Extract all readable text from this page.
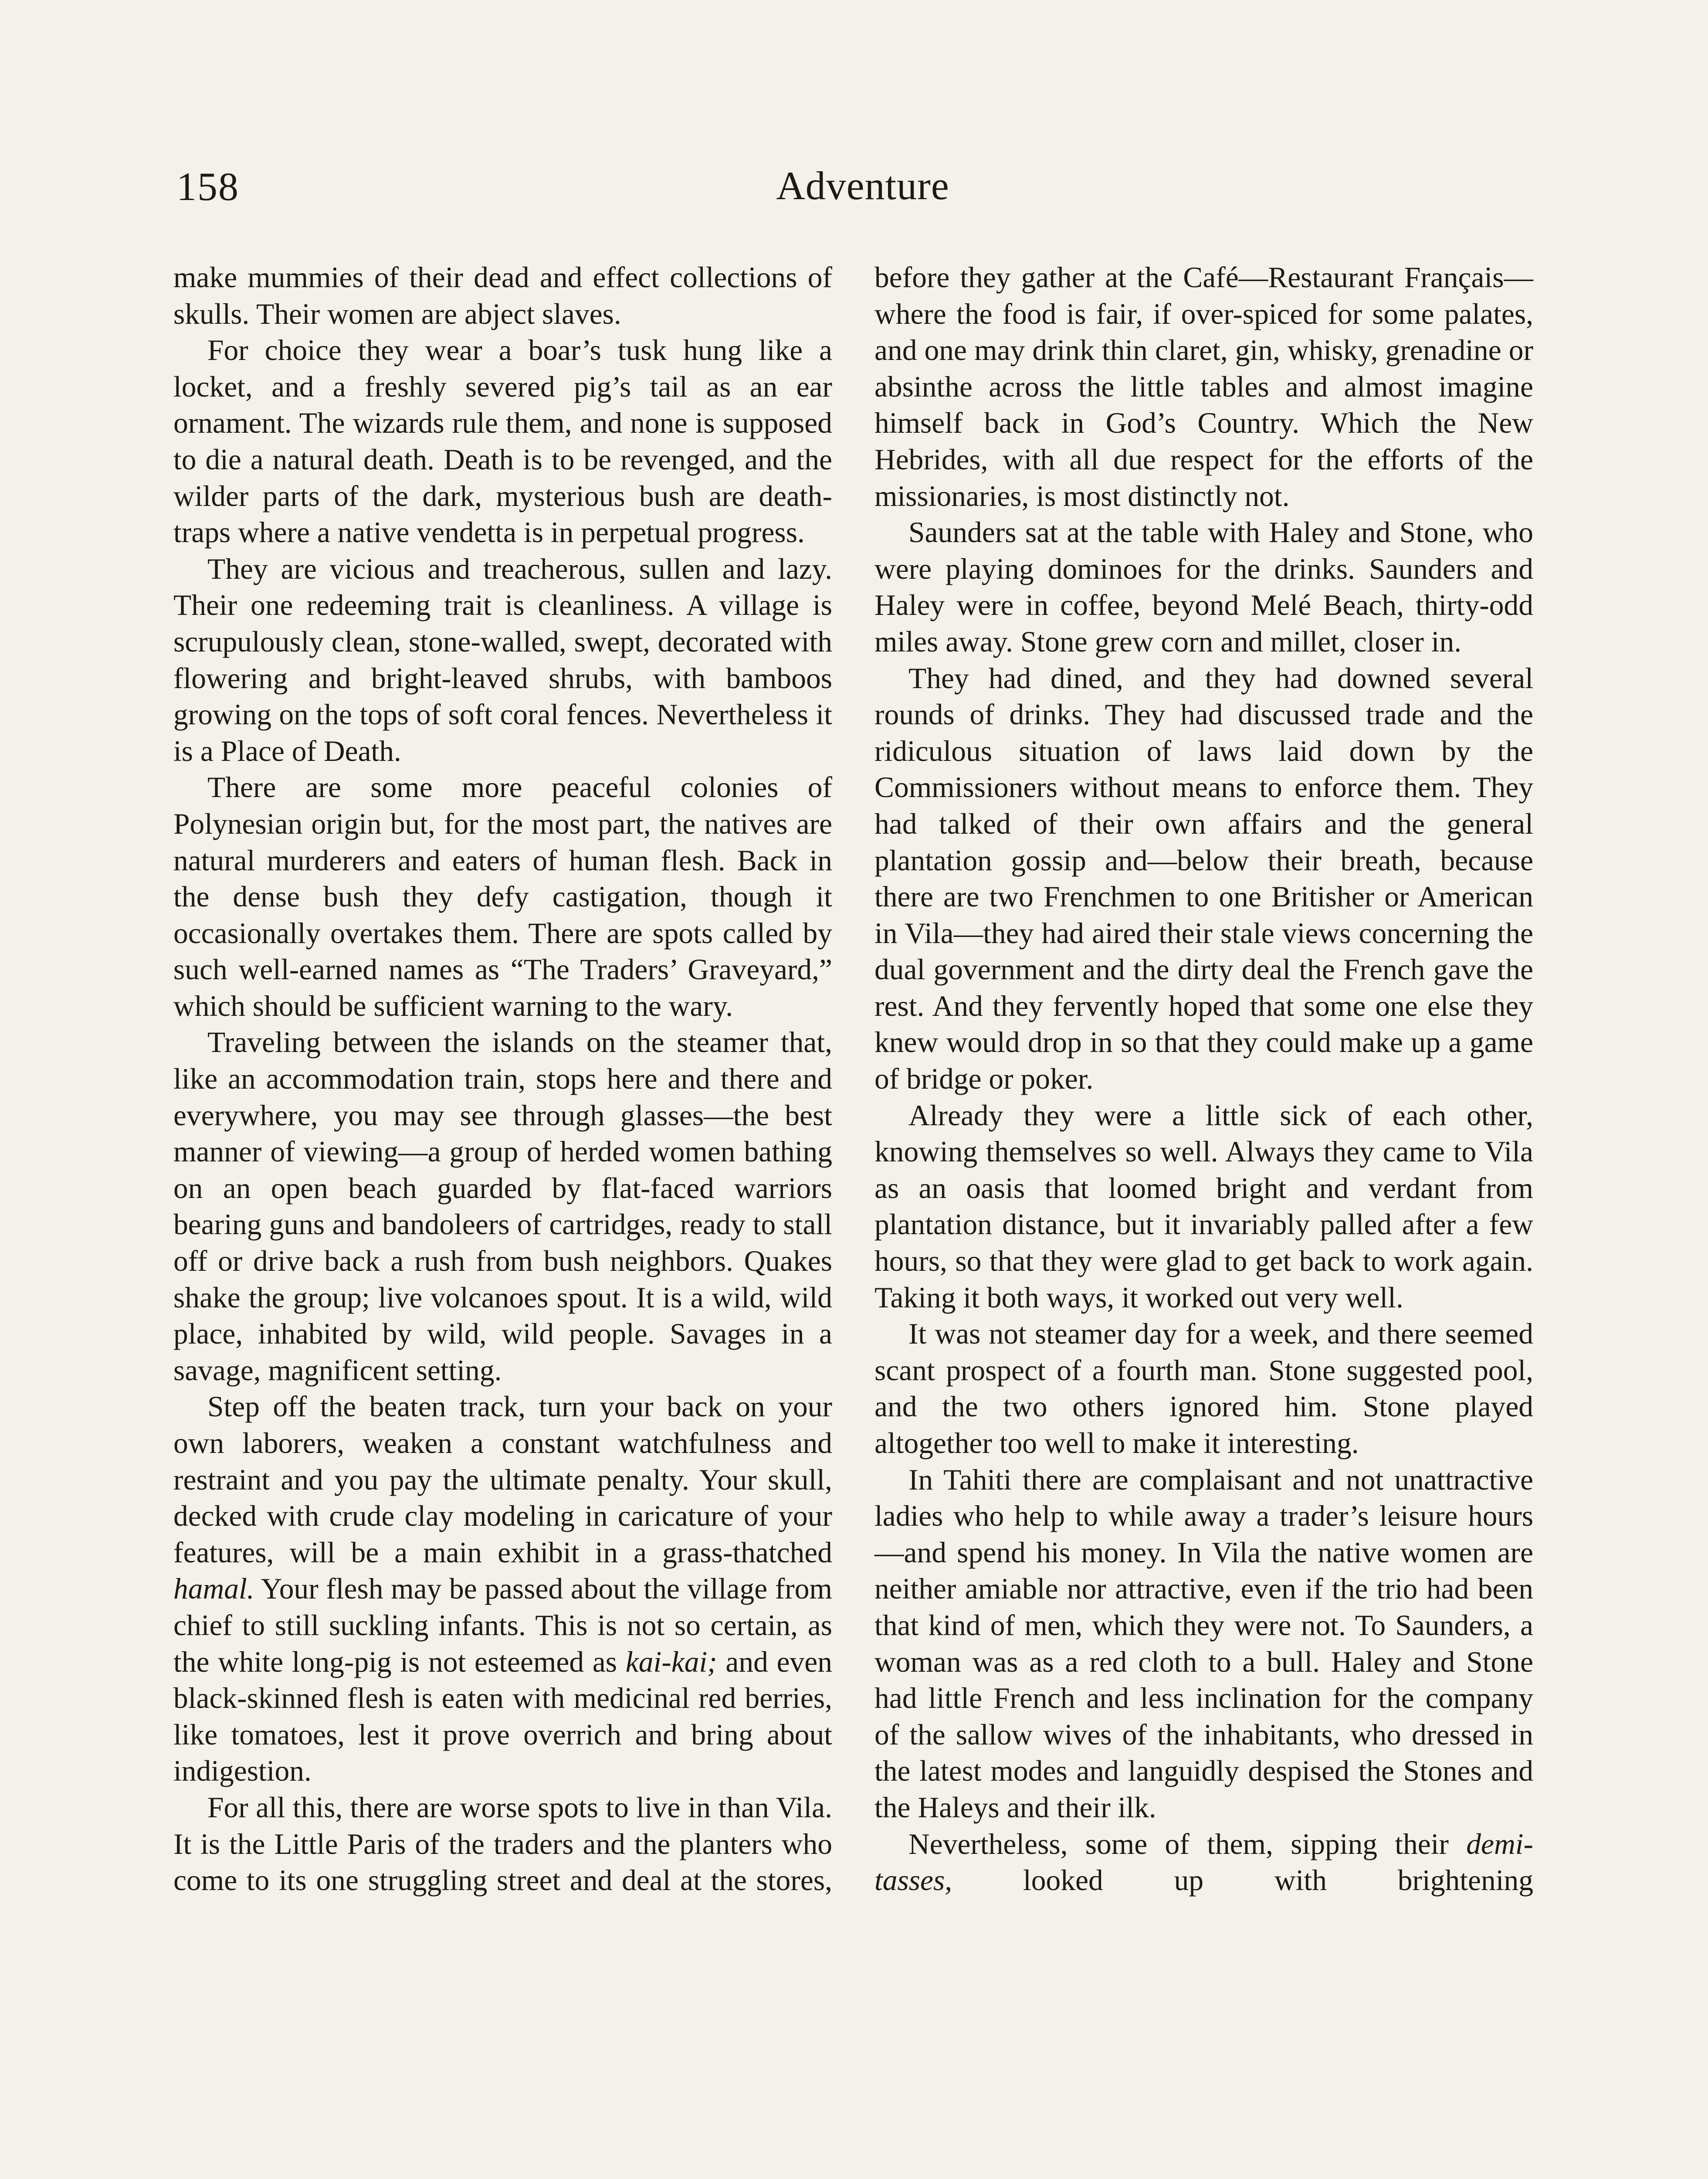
158	Adventure

make mummies of their dead and effect collections of skulls. Their women are abject slaves.

For choice they wear a boar’s tusk hung like a locket, and a freshly severed pig’s tail as an ear ornament. The wizards rule them, and none is supposed to die a natural death. Death is to be revenged, and the wilder parts of the dark, mysterious bush are death-traps where a native vendetta is in perpetual progress.

They are vicious and treacherous, sullen and lazy. Their one redeeming trait is cleanliness. A village is scrupulously clean, stone-walled, swept, decorated with flowering and bright-leaved shrubs, with bamboos growing on the tops of soft coral fences. Nevertheless it is a Place of Death.

There are some more peaceful colonies of Polynesian origin but, for the most part, the natives are natural murderers and eaters of human flesh. Back in the dense bush they defy castigation, though it occasionally overtakes them. There are spots called by such well-earned names as “The Traders’ Graveyard,” which should be sufficient warning to the wary.

Traveling between the islands on the steamer that, like an accommodation train, stops here and there and everywhere, you may see through glasses—the best manner of viewing—a group of herded women bathing on an open beach guarded by flat-faced warriors bearing guns and bandoleers of cartridges, ready to stall off or drive back a rush from bush neighbors. Quakes shake the group; live volcanoes spout. It is a wild, wild place, inhabited by wild, wild people. Savages in a savage, magnificent setting.

Step off the beaten track, turn your back on your own laborers, weaken a constant watchfulness and restraint and you pay the ultimate penalty. Your skull, decked with crude clay modeling in caricature of your features, will be a main exhibit in a grass-thatched hamal. Your flesh may be passed about the village from chief to still suckling infants. This is not so certain, as the white long-pig is not esteemed as kai-kai; and even black-skinned flesh is eaten with medicinal red berries, like tomatoes, lest it prove overrich and bring about indigestion.

For all this, there are worse spots to live in than Vila. It is the Little Paris of the traders and the planters who come to its one struggling street and deal at the stores,

before they gather at the Café—Restaurant Français—where the food is fair, if over-spiced for some palates, and one may drink thin claret, gin, whisky, grenadine or absinthe across the little tables and almost imagine himself back in God’s Country. Which the New Hebrides, with all due respect for the efforts of the missionaries, is most distinctly not.

Saunders sat at the table with Haley and Stone, who were playing dominoes for the drinks. Saunders and Haley were in coffee, beyond Melé Beach, thirty-odd miles away. Stone grew corn and millet, closer in.

They had dined, and they had downed several rounds of drinks. They had discussed trade and the ridiculous situation of laws laid down by the Commissioners without means to enforce them. They had talked of their own affairs and the general plantation gossip and—below their breath, because there are two Frenchmen to one Britisher or American in Vila—they had aired their stale views concerning the dual government and the dirty deal the French gave the rest. And they fervently hoped that some one else they knew would drop in so that they could make up a game of bridge or poker.

Already they were a little sick of each other, knowing themselves so well. Always they came to Vila as an oasis that loomed bright and verdant from plantation distance, but it invariably palled after a few hours, so that they were glad to get back to work again. Taking it both ways, it worked out very well.

It was not steamer day for a week, and there seemed scant prospect of a fourth man. Stone suggested pool, and the two others ignored him. Stone played altogether too well to make it interesting.

In Tahiti there are complaisant and not unattractive ladies who help to while away a trader’s leisure hours—and spend his money. In Vila the native women are neither amiable nor attractive, even if the trio had been that kind of men, which they were not. To Saunders, a woman was as a red cloth to a bull. Haley and Stone had little French and less inclination for the company of the sallow wives of the inhabitants, who dressed in the latest modes and languidly despised the Stones and the Haleys and their ilk.

Nevertheless, some of them, sipping their demi-tasses, looked up with brightening
